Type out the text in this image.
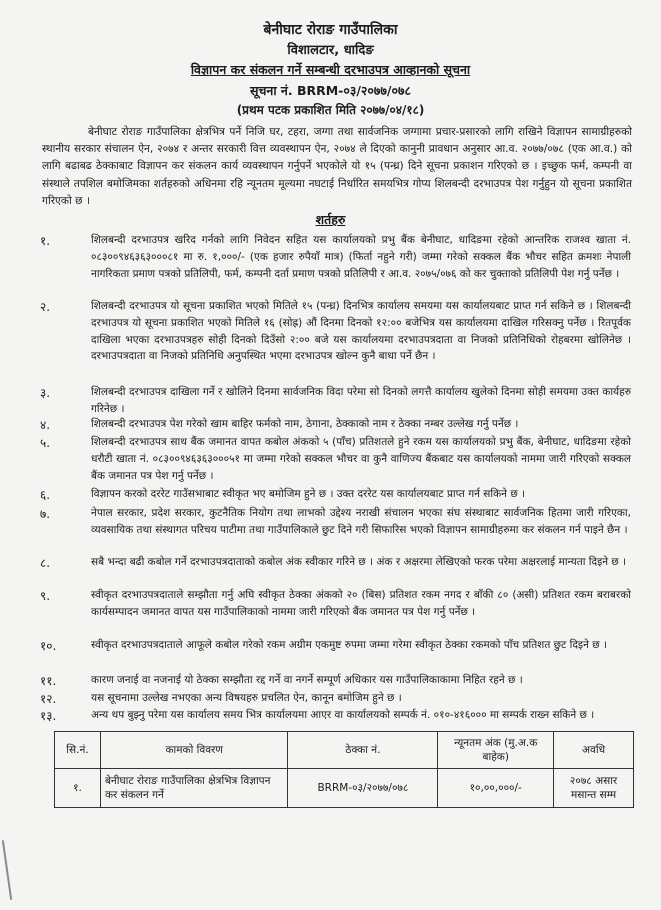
बेनीघाट रोराङ गाउँपालिका
विशालटार, धादिङ
विज्ञापन कर संकलन गर्ने सम्बन्धी दरभाउपत्र आव्हानको सूचना
सूचना नं. BRRM-०३/२०७७/०७८
(प्रथम पटक प्रकाशित मिति २०७७/०४/१८)
बेनीघाट रोराङ गाउँपालिका क्षेत्रभित्र पर्ने निजि घर, टहरा, जग्गा तथा सार्वजनिक जग्गामा प्रचार-प्रसारको लागि राखिने विज्ञापन सामाग्रीहरुको स्थानीय सरकार संचालन ऐन, २०७४ र अन्तर सरकारी वित्त व्यवस्थापन ऐन, २०७४ ले दिएको कानुनी प्रावधान अनुसार आ.व. २०७७/०७८ (एक आ.व.) को लागि बढाबढ ठेक्काबाट विज्ञापन कर संकलन कार्य व्यवस्थापन गर्नुपर्ने भएकोले यो १५ (पन्ध्र) दिने सूचना प्रकाशन गरिएको छ । इच्छुक फर्म, कम्पनी वा संस्थाले तपशिल बमोजिमका शर्तहरुको अधिनमा रहि न्यूनतम मूल्यमा नघटाई निर्धारित समयभित्र गोप्य शिलबन्दी दरभाउपत्र पेश गर्नुहुन यो सूचना प्रकाशित गरिएको छ ।
शर्तहरु
१.	शिलबन्दी दरभाउपत्र खरिद गर्नको लागि निवेदन सहित यस कार्यालयको प्रभु बैंक बेनीघाट, धादिङमा रहेको आन्तरिक राजश्व खाता नं. ०८३००९४६३६३०००८१ मा रु. १,०००/- (एक हजार रुपैयाँ मात्र) (फिर्ता नहुने गरी) जम्मा गरेको सक्कल बैंक भौचर सहित क्रमशः नेपाली नागरिकता प्रमाण पत्रको प्रतिलिपी, फर्म, कम्पनी दर्ता प्रमाण पत्रको प्रतिलिपी र आ.व. २०७५/०७६ को कर चुक्ताको प्रतिलिपी पेश गर्नु पर्नेछ ।
२.	शिलबन्दी दरभाउपत्र यो सूचना प्रकाशित भएको मितिले १५ (पन्ध्र) दिनभित्र कार्यालय समयमा यस कार्यालयबाट प्राप्त गर्न सकिने छ । शिलबन्दी दरभाउपत्र यो सूचना प्रकाशित भएको मितिले १६ (सोह्र) औं दिनमा दिनको १२:०० बजेभित्र यस कार्यालयमा दाखिल गरिसक्नु पर्नेछ । रितपूर्वक दाखिला भएका दरभाउपत्रहरु सोही दिनको दिउँसो २:०० बजे यस कार्यालयमा दरभाउपत्रदाता वा निजको प्रतिनिधिको रोहबरमा खोलिनेछ । दरभाउपत्रदाता वा निजको प्रतिनिधि अनुपस्थित भएमा दरभाउपत्र खोल्न कुनै बाधा पर्ने छैन ।
३.	शिलबन्दी दरभाउपत्र दाखिला गर्ने र खोलिने दिनमा सार्वजनिक विदा परेमा सो दिनको लगत्तै कार्यालय खुलेको दिनमा सोही समयमा उक्त कार्यहरु गरिनेछ ।
४.	शिलबन्दी दरभाउपत्र पेश गरेको खाम बाहिर फर्मको नाम, ठेगाना, ठेक्काको नाम र ठेक्का नम्बर उल्लेख गर्नु पर्नेछ ।
५.	शिलबन्दी दरभाउपत्र साथ बैंक जमानत वापत कबोल अंकको ५ (पाँच) प्रतिशतले हुने रकम यस कार्यालयको प्रभु बैंक, बेनीघाट, धादिङमा रहेको धरौटी खाता नं. ०८३००९४६३६३०००५१ मा जम्मा गरेको सक्कल भौचर वा कुनै वाणिज्य बैंकबाट यस कार्यालयको नाममा जारी गरिएको सक्कल बैंक जमानत पत्र पेश गर्नु पर्नेछ ।
६.	विज्ञापन करको दररेट गाउँसभाबाट स्वीकृत भए बमोजिम हुने छ । उक्त दररेट यस कार्यालयबाट प्राप्त गर्न सकिने छ ।
७.	नेपाल सरकार, प्रदेश सरकार, कुटनैतिक नियोग तथा लाभको उद्देश्य नराखी संचालन भएका संघ संस्थाबाट सार्वजनिक हितमा जारी गरिएका, व्यवसायिक तथा संस्थागत परिचय पाटीमा तथा गाउँपालिकाले छुट दिने गरी सिफारिस भएको विज्ञापन सामाग्रीहरुमा कर संकलन गर्न पाइने छैन ।
८.	सबै भन्दा बढी कबोल गर्ने दरभाउपत्रदाताको कबोल अंक स्वीकार गरिने छ । अंक र अक्षरमा लेखिएको फरक परेमा अक्षरलाई मान्यता दिइने छ ।
९.	स्वीकृत दरभाउपत्रदाताले सम्झौता गर्नु अघि स्वीकृत ठेक्का अंकको २० (बिस) प्रतिशत रकम नगद र बाँकी ८० (असी) प्रतिशत रकम बराबरको कार्यसम्पादन जमानत वापत यस गाउँपालिकाको नाममा जारी गरिएको बैंक जमानत पत्र पेश गर्नु पर्नेछ ।
१०.	स्वीकृत दरभाउपत्रदाताले आफूले कबोल गरेको रकम अग्रीम एकमुष्ट रुपमा जम्मा गरेमा स्वीकृत ठेक्का रकमको पाँच प्रतिशत छुट दिइने छ ।
११.	कारण जनाई वा नजनाई यो ठेक्का सम्झौता रद्द गर्ने वा नगर्ने सम्पूर्ण अधिकार यस गाउँपालिकाकामा निहित रहने छ ।
१२.	यस सूचनामा उल्लेख नभएका अन्य विषयहरु प्रचलित ऐन, कानून बमोजिम हुने छ ।
१३.	अन्य थप बुझ्नु परेमा यस कार्यालय समय भित्र कार्यालयमा आएर वा कार्यालयको सम्पर्क नं. ०१०-४१६००० मा सम्पर्क राख्न सकिने छ ।
सि.नं.	कामको विवरण	ठेक्का नं.	न्यूनतम अंक (मु.अ.क बाहेक)	अवधि
१.	बेनीघाट रोराङ गाउँपालिका क्षेत्रभित्र विज्ञापन कर संकलन गर्ने	BRRM-०३/२०७७/०७८	१०,००,०००/-	२०७८ असार मसान्त सम्म
